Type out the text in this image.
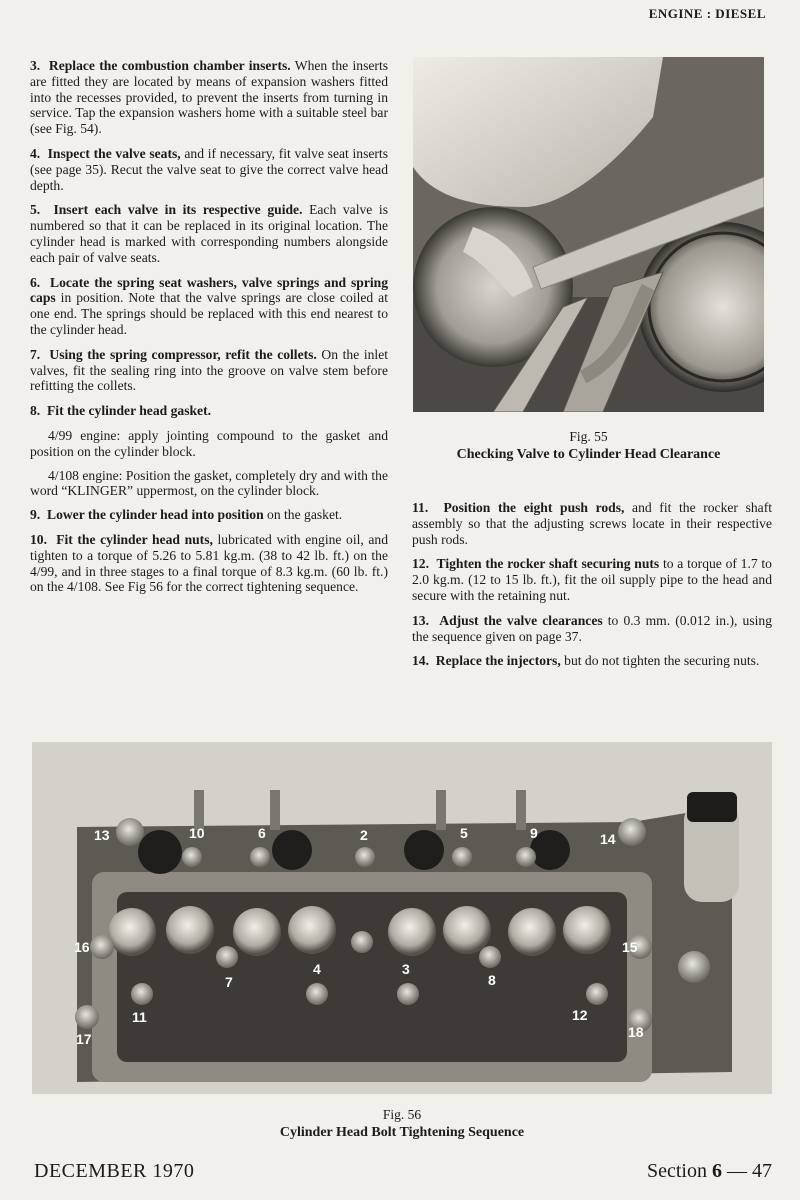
ENGINE : DIESEL
3. Replace the combustion chamber inserts. When the inserts are fitted they are located by means of expansion washers fitted into the recesses provided, to prevent the inserts from turning in service. Tap the expansion washers home with a suitable steel bar (see Fig. 54).
4. Inspect the valve seats, and if necessary, fit valve seat inserts (see page 35). Recut the valve seat to give the correct valve head depth.
5. Insert each valve in its respective guide. Each valve is numbered so that it can be replaced in its original location. The cylinder head is marked with corresponding numbers alongside each pair of valve seats.
6. Locate the spring seat washers, valve springs and spring caps in position. Note that the valve springs are close coiled at one end. The springs should be replaced with this end nearest to the cylinder head.
7. Using the spring compressor, refit the collets. On the inlet valves, fit the sealing ring into the groove on valve stem before refitting the collets.
8. Fit the cylinder head gasket.
4/99 engine: apply jointing compound to the gasket and position on the cylinder block.
4/108 engine: Position the gasket, completely dry and with the word “KLINGER” uppermost, on the cylinder block.
9. Lower the cylinder head into position on the gasket.
10. Fit the cylinder head nuts, lubricated with engine oil, and tighten to a torque of 5.26 to 5.81 kg.m. (38 to 42 lb. ft.) on the 4/99, and in three stages to a final torque of 8.3 kg.m. (60 lb. ft.) on the 4/108. See Fig 56 for the correct tightening sequence.
Fig. 55
Checking Valve to Cylinder Head Clearance
11. Position the eight push rods, and fit the rocker shaft assembly so that the adjusting screws locate in their respective push rods.
12. Tighten the rocker shaft securing nuts to a torque of 1.7 to 2.0 kg.m. (12 to 15 lb. ft.), fit the oil supply pipe to the head and secure with the retaining nut.
13. Adjust the valve clearances to 0.3 mm. (0.012 in.), using the sequence given on page 37.
14. Replace the injectors, but do not tighten the securing nuts.
13	10	6	2	5	9	14
16
7
4	3
8
15
11	12
17	18
Fig. 56
Cylinder Head Bolt Tightening Sequence
DECEMBER 1970	Section 6 — 47
